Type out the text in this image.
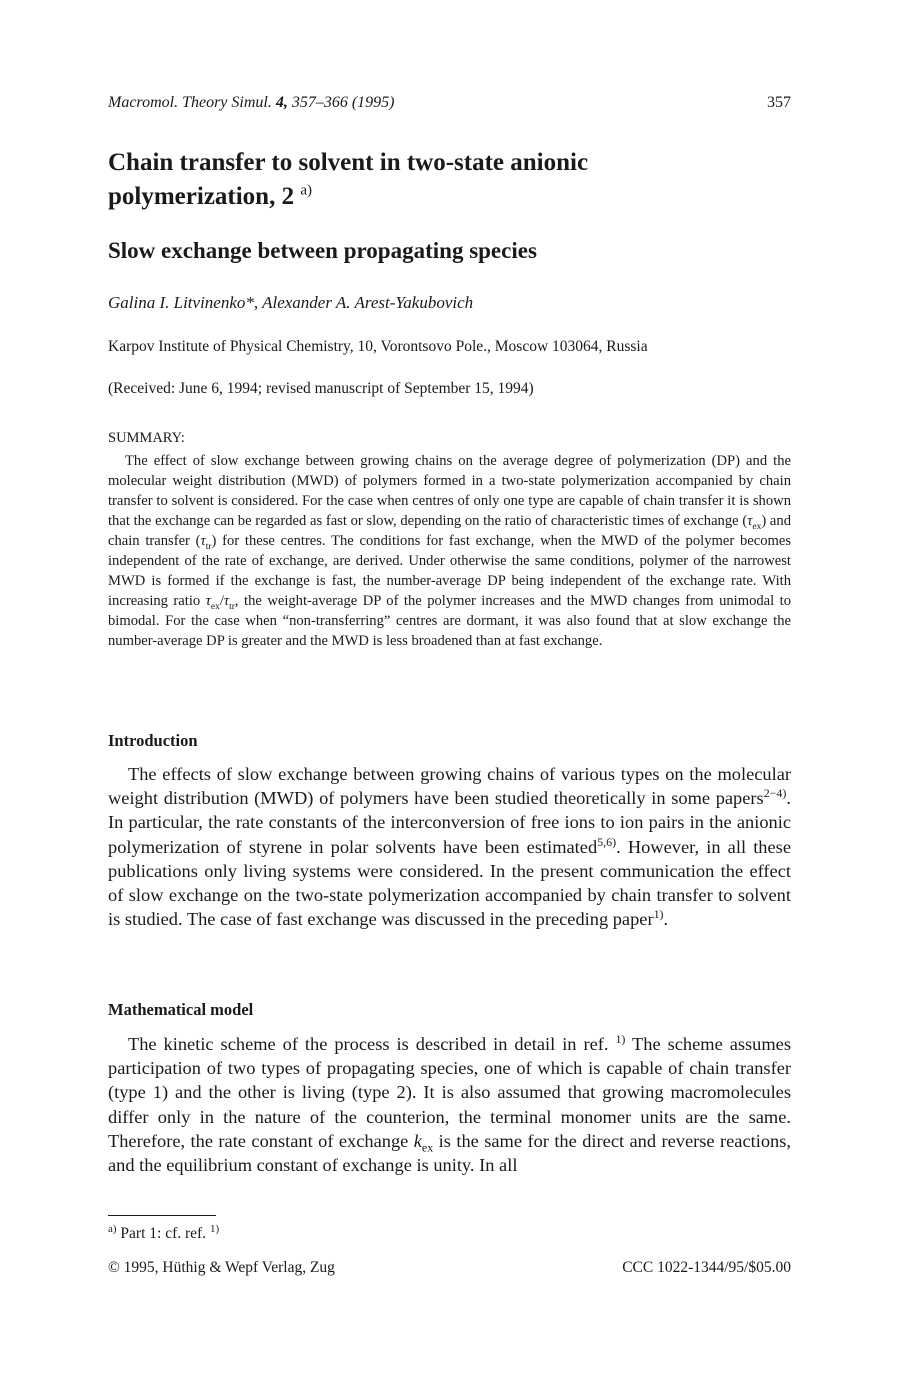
Macromol. Theory Simul. 4, 357–366 (1995)	357
Chain transfer to solvent in two-state anionic polymerization, 2 $^{a)}$
Slow exchange between propagating species
Galina I. Litvinenko*, Alexander A. Arest-Yakubovich
Karpov Institute of Physical Chemistry, 10, Vorontsovo Pole., Moscow 103064, Russia
(Received: June 6, 1994; revised manuscript of September 15, 1994)
SUMMARY:

The effect of slow exchange between growing chains on the average degree of polymerization (DP) and the molecular weight distribution (MWD) of polymers formed in a two-state polymerization accompanied by chain transfer to solvent is considered. For the case when centres of only one type are capable of chain transfer it is shown that the exchange can be regarded as fast or slow, depending on the ratio of characteristic times of exchange $(\tau_{ex})$ and chain transfer $(\tau_{tr})$ for these centres. The conditions for fast exchange, when the MWD of the polymer becomes independent of the rate of exchange, are derived. Under otherwise the same conditions, polymer of the narrowest MWD is formed if the exchange is fast, the number-average DP being independent of the exchange rate. With increasing ratio $\tau_{ex}/\tau_{tr}$, the weight-average DP of the polymer increases and the MWD changes from unimodal to bimodal. For the case when “non-transferring” centres are dormant, it was also found that at slow exchange the number-average DP is greater and the MWD is less broadened than at fast exchange.

Introduction

The effects of slow exchange between growing chains of various types on the molecular weight distribution (MWD) of polymers have been studied theoretically in some papers$^{2-4)}$. In particular, the rate constants of the interconversion of free ions to ion pairs in the anionic polymerization of styrene in polar solvents have been estimated$^{5,6)}$. However, in all these publications only living systems were considered. In the present communication the effect of slow exchange on the two-state polymerization accompanied by chain transfer to solvent is studied. The case of fast exchange was discussed in the preceding paper$^{1)}$.

Mathematical model

The kinetic scheme of the process is described in detail in ref. $^{1)}$ The scheme assumes participation of two types of propagating species, one of which is capable of chain transfer (type 1) and the other is living (type 2). It is also assumed that growing macromolecules differ only in the nature of the counterion, the terminal monomer units are the same. Therefore, the rate constant of exchange $k_{ex}$ is the same for the direct and reverse reactions, and the equilibrium constant of exchange is unity. In all

$^{a)}$ Part 1: cf. ref. $^{1)}$
© 1995, Hüthig & Wepf Verlag, Zug	CCC 1022-1344/95/$05.00
